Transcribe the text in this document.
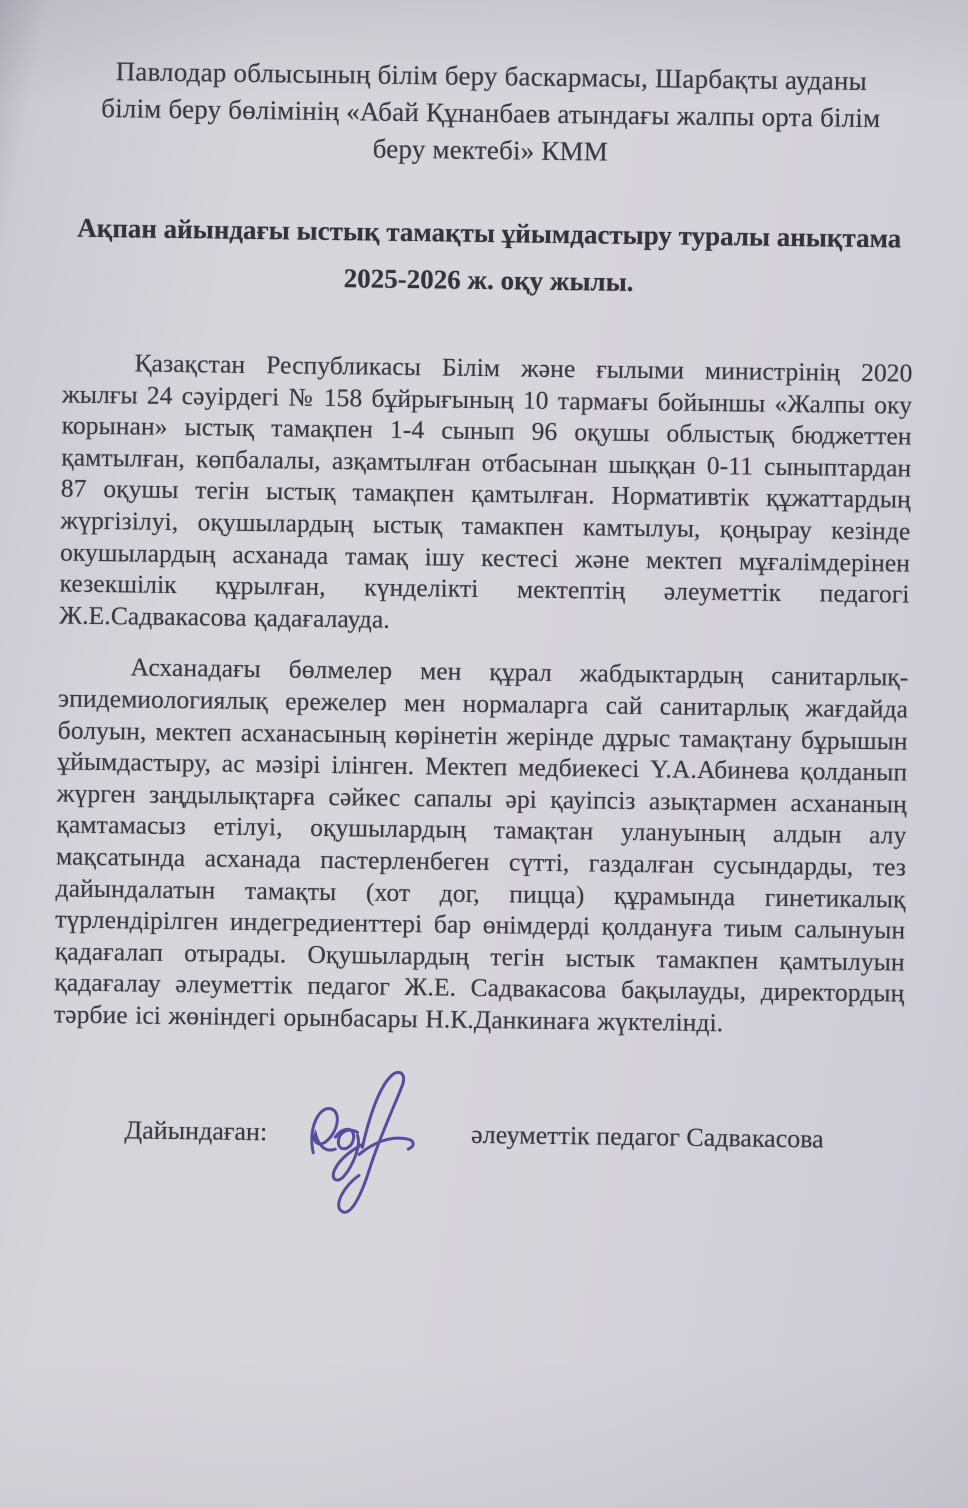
Павлодар облысының білім беру баскармасы, Шарбақты ауданы білім беру бөлімінің «Абай Құнанбаев атындағы жалпы орта білім беру мектебі» КММ
Ақпан айындағы ыстық тамақты ұйымдастыру туралы анықтама
2025-2026 ж. оқу жылы.

Қазақстан Республикасы Білім және ғылыми министрінің 2020 жылғы 24 сәуірдегі № 158 бұйрығының 10 тармағы бойыншы «Жалпы оку корынан» ыстық тамақпен 1-4 сынып 96 оқушы облыстық бюджеттен қамтылған, көпбалалы, азқамтылған отбасынан шыққан 0-11 сыныптардан 87 оқушы тегін ыстық тамақпен қамтылған. Нормативтік құжаттардың жүргізілуі, оқушылардың ыстық тамакпен камтылуы, қоңырау кезінде окушылардың асханада тамақ ішу кестесі және мектеп мұғалімдерінен кезекшілік құрылған, күнделікті мектептің әлеуметтік педагогі Ж.Е.Садвакасова қадағалауда.

Асханадағы бөлмелер мен құрал жабдыктардың санитарлық-эпидемиологиялық ережелер мен нормаларга сай санитарлық жағдайда болуын, мектеп асханасының көрінетін жерінде дұрыс тамақтану бұрышын ұйымдастыру, ас мәзірі ілінген. Мектеп медбиекесі Y.А.Абинева қолданып жүрген заңдылықтарға сәйкес сапалы әрі қауіпсіз азықтармен асхананың қамтамасыз етілуі, оқушылардың тамақтан улануының алдын алу мақсатында асханада пастерленбеген сүтті, газдалған сусындарды, тез дайындалатын тамақты (хот дог, пицца) құрамында гинетикалық түрлендірілген индегредиенттері бар өнімдерді қолдануға тиым салынуын қадағалап отырады. Оқушылардың тегін ыстык тамакпен қамтылуын қадағалау әлеуметтік педагог Ж.Е. Садвакасова бақылауды, директордың тәрбие ісі жөніндегі орынбасары Н.К.Данкинаға жүктелінді.

Дайындаған:	әлеуметтік педагог Садвакасова
